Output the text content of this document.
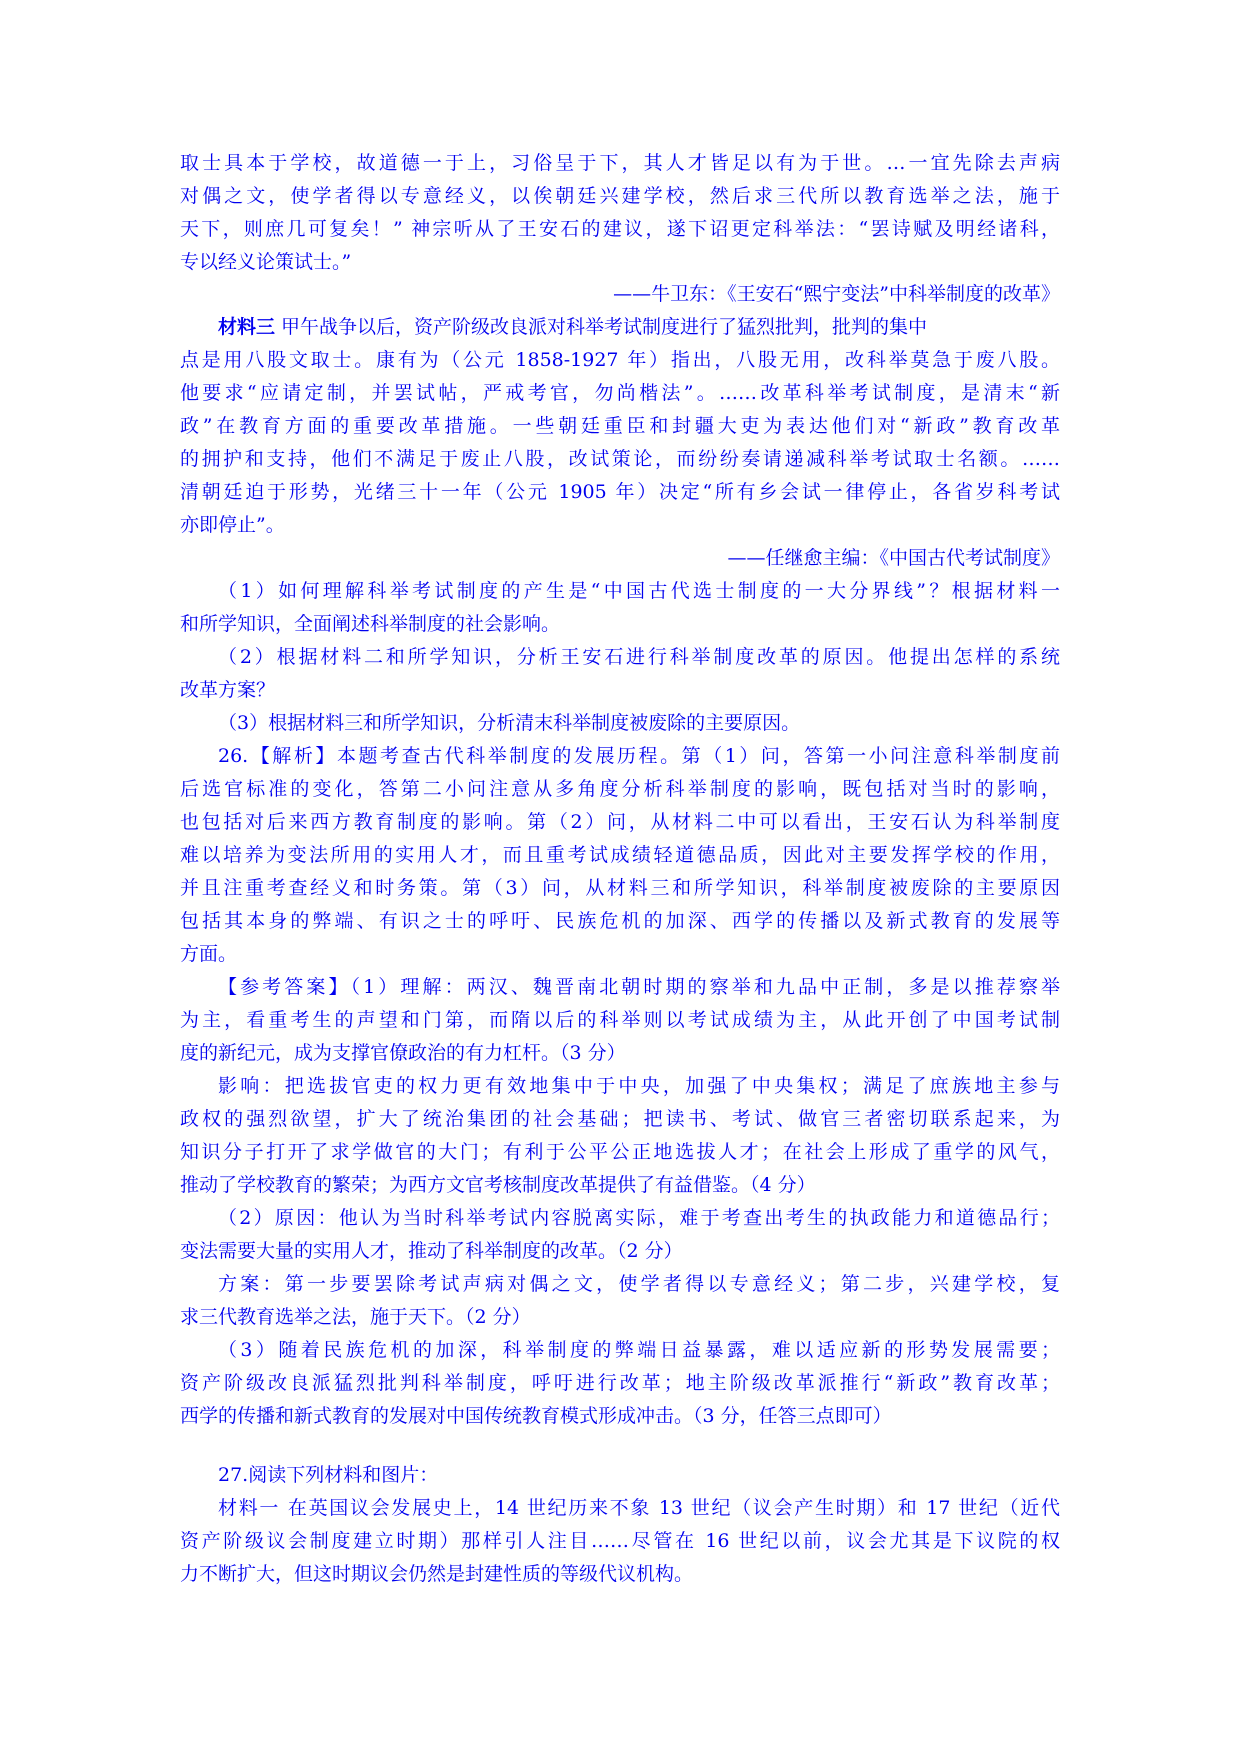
取士具本于学校，故道德一于上，习俗呈于下，其人才皆足以有为于世。…一宜先除去声病
对偶之文，使学者得以专意经义，以俟朝廷兴建学校，然后求三代所以教育选举之法，施于
天下，则庶几可复矣！” 神宗听从了王安石的建议，遂下诏更定科举法：“罢诗赋及明经诸科，
专以经义论策试士。”
——牛卫东：《王安石“熙宁变法”中科举制度的改革》
材料三 甲午战争以后，资产阶级改良派对科举考试制度进行了猛烈批判，批判的集中
点是用八股文取士。康有为（公元 1858-1927 年）指出，八股无用，改科举莫急于废八股。
他要求“应请定制，并罢试帖，严戒考官，勿尚楷法”。……改革科举考试制度，是清末“新
政”在教育方面的重要改革措施。一些朝廷重臣和封疆大吏为表达他们对“新政”教育改革
的拥护和支持，他们不满足于废止八股，改试策论，而纷纷奏请递减科举考试取士名额。……
清朝廷迫于形势，光绪三十一年（公元 1905 年）决定“所有乡会试一律停止，各省岁科考试
亦即停止”。
——任继愈主编：《中国古代考试制度》
（1）如何理解科举考试制度的产生是“中国古代选士制度的一大分界线”？根据材料一
和所学知识，全面阐述科举制度的社会影响。
（2）根据材料二和所学知识，分析王安石进行科举制度改革的原因。他提出怎样的系统
改革方案？
（3）根据材料三和所学知识，分析清末科举制度被废除的主要原因。
26.【解析】本题考查古代科举制度的发展历程。第（1）问，答第一小问注意科举制度前
后选官标准的变化，答第二小问注意从多角度分析科举制度的影响，既包括对当时的影响，
也包括对后来西方教育制度的影响。第（2）问，从材料二中可以看出，王安石认为科举制度
难以培养为变法所用的实用人才，而且重考试成绩轻道德品质，因此对主要发挥学校的作用，
并且注重考查经义和时务策。第（3）问，从材料三和所学知识，科举制度被废除的主要原因
包括其本身的弊端、有识之士的呼吁、民族危机的加深、西学的传播以及新式教育的发展等
方面。
【参考答案】（1）理解：两汉、魏晋南北朝时期的察举和九品中正制，多是以推荐察举
为主，看重考生的声望和门第，而隋以后的科举则以考试成绩为主，从此开创了中国考试制
度的新纪元，成为支撑官僚政治的有力杠杆。（3 分）
影响：把选拔官吏的权力更有效地集中于中央，加强了中央集权；满足了庶族地主参与
政权的强烈欲望，扩大了统治集团的社会基础；把读书、考试、做官三者密切联系起来，为
知识分子打开了求学做官的大门；有利于公平公正地选拔人才；在社会上形成了重学的风气，
推动了学校教育的繁荣；为西方文官考核制度改革提供了有益借鉴。（4 分）
（2）原因：他认为当时科举考试内容脱离实际，难于考查出考生的执政能力和道德品行；
变法需要大量的实用人才，推动了科举制度的改革。（2 分）
方案：第一步要罢除考试声病对偶之文，使学者得以专意经义；第二步，兴建学校，复
求三代教育选举之法，施于天下。（2 分）
（3）随着民族危机的加深，科举制度的弊端日益暴露，难以适应新的形势发展需要；
资产阶级改良派猛烈批判科举制度，呼吁进行改革；地主阶级改革派推行“新政”教育改革；
西学的传播和新式教育的发展对中国传统教育模式形成冲击。（3 分，任答三点即可）
27.阅读下列材料和图片：
材料一 在英国议会发展史上，14 世纪历来不象 13 世纪（议会产生时期）和 17 世纪（近代
资产阶级议会制度建立时期）那样引人注目……尽管在 16 世纪以前，议会尤其是下议院的权
力不断扩大，但这时期议会仍然是封建性质的等级代议机构。
